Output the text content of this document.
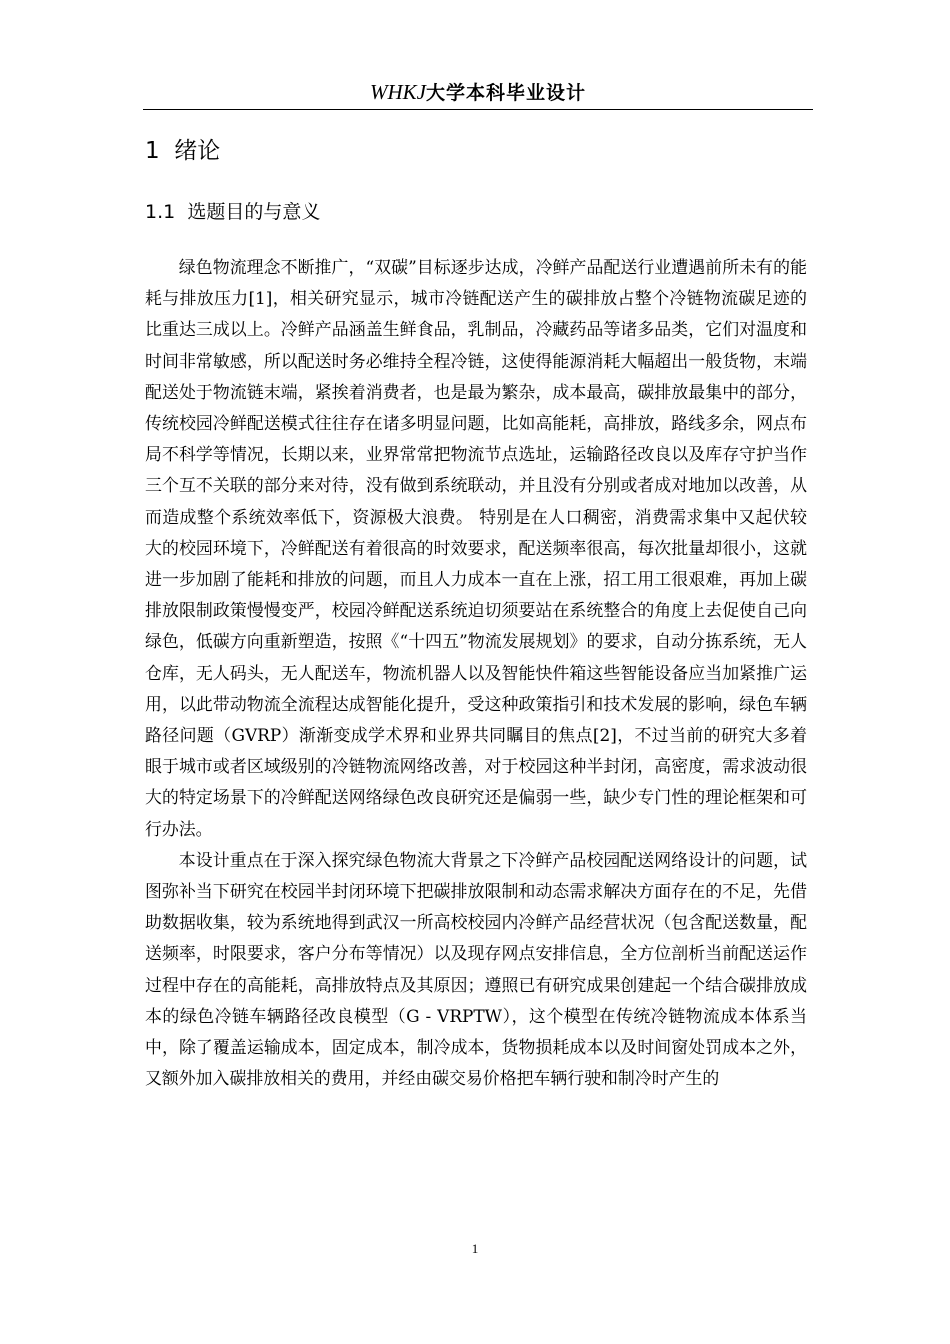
WHKJ大学本科毕业设计
1 绪论
1.1 选题目的与意义

绿色物流理念不断推广，“双碳”目标逐步达成，冷鲜产品配送行业遭遇前所未有的能耗与排放压力[1]，相关研究显示，城市冷链配送产生的碳排放占整个冷链物流碳足迹的比重达三成以上。冷鲜产品涵盖生鲜食品，乳制品，冷藏药品等诸多品类，它们对温度和时间非常敏感，所以配送时务必维持全程冷链，这使得能源消耗大幅超出一般货物，末端配送处于物流链末端，紧挨着消费者，也是最为繁杂，成本最高，碳排放最集中的部分，传统校园冷鲜配送模式往往存在诸多明显问题，比如高能耗，高排放，路线多余，网点布局不科学等情况，长期以来，业界常常把物流节点选址，运输路径改良以及库存守护当作三个互不关联的部分来对待，没有做到系统联动，并且没有分别或者成对地加以改善，从而造成整个系统效率低下，资源极大浪费。 特别是在人口稠密，消费需求集中又起伏较大的校园环境下，冷鲜配送有着很高的时效要求，配送频率很高，每次批量却很小，这就进一步加剧了能耗和排放的问题，而且人力成本一直在上涨，招工用工很艰难，再加上碳排放限制政策慢慢变严，校园冷鲜配送系统迫切须要站在系统整合的角度上去促使自己向绿色，低碳方向重新塑造，按照《“十四五”物流发展规划》的要求，自动分拣系统，无人仓库，无人码头，无人配送车，物流机器人以及智能快件箱这些智能设备应当加紧推广运用，以此带动物流全流程达成智能化提升，受这种政策指引和技术发展的影响，绿色车辆路径问题（GVRP）渐渐变成学术界和业界共同瞩目的焦点[2]，不过当前的研究大多着眼于城市或者区域级别的冷链物流网络改善，对于校园这种半封闭，高密度，需求波动很大的特定场景下的冷鲜配送网络绿色改良研究还是偏弱一些，缺少专门性的理论框架和可行办法。

本设计重点在于深入探究绿色物流大背景之下冷鲜产品校园配送网络设计的问题，试图弥补当下研究在校园半封闭环境下把碳排放限制和动态需求解决方面存在的不足，先借助数据收集，较为系统地得到武汉一所高校校园内冷鲜产品经营状况（包含配送数量，配送频率，时限要求，客户分布等情况）以及现存网点安排信息，全方位剖析当前配送运作过程中存在的高能耗，高排放特点及其原因；遵照已有研究成果创建起一个结合碳排放成本的绿色冷链车辆路径改良模型（G - VRPTW），这个模型在传统冷链物流成本体系当中，除了覆盖运输成本，固定成本，制冷成本，货物损耗成本以及时间窗处罚成本之外，又额外加入碳排放相关的费用，并经由碳交易价格把车辆行驶和制冷时产生的

1
